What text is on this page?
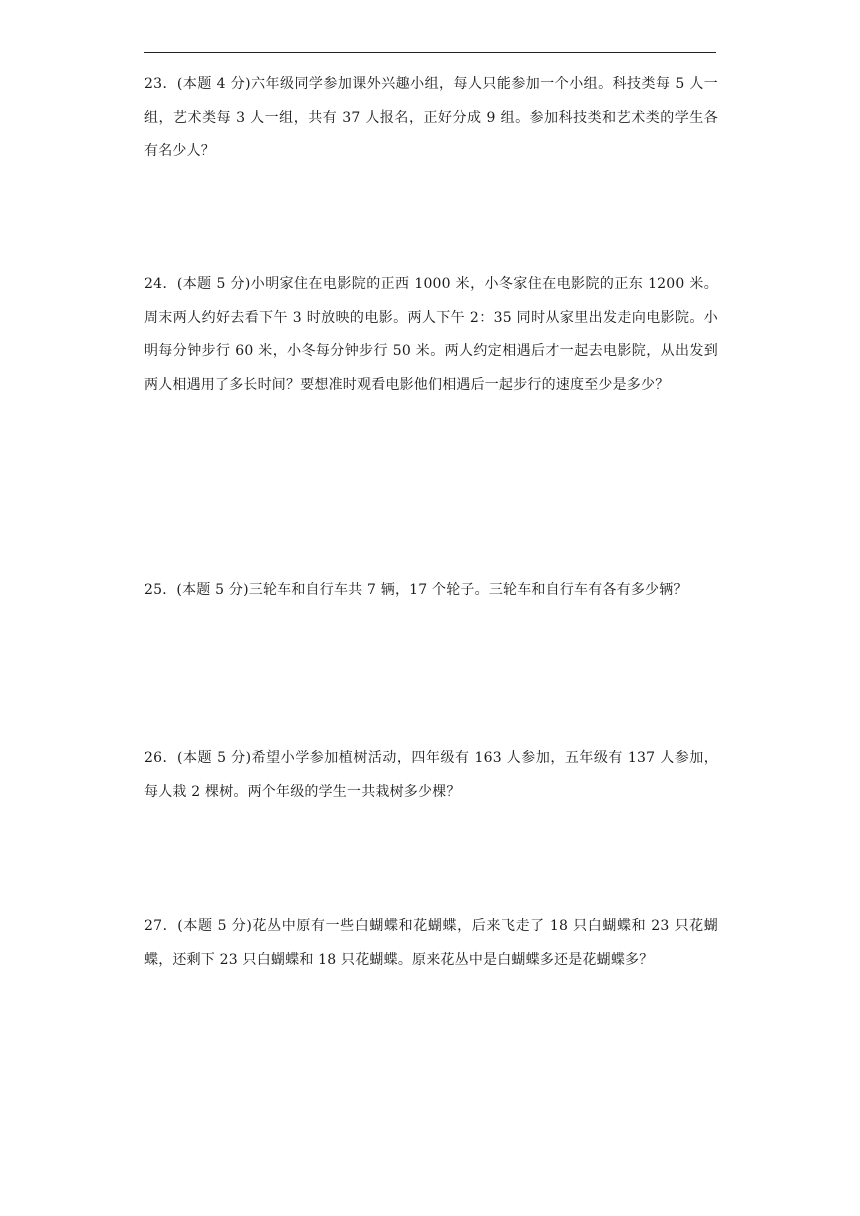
23．(本题 4 分)六年级同学参加课外兴趣小组，每人只能参加一个小组。科技类每 5 人一组，艺术类每 3 人一组，共有 37 人报名，正好分成 9 组。参加科技类和艺术类的学生各有名少人？

24．(本题 5 分)小明家住在电影院的正西 1000 米，小冬家住在电影院的正东 1200 米。周末两人约好去看下午 3 时放映的电影。两人下午 2：35 同时从家里出发走向电影院。小明每分钟步行 60 米，小冬每分钟步行 50 米。两人约定相遇后才一起去电影院，从出发到两人相遇用了多长时间？要想准时观看电影他们相遇后一起步行的速度至少是多少？

25．(本题 5 分)三轮车和自行车共 7 辆，17 个轮子。三轮车和自行车有各有多少辆？

26．(本题 5 分)希望小学参加植树活动，四年级有 163 人参加，五年级有 137 人参加，每人栽 2 棵树。两个年级的学生一共栽树多少棵？

27．(本题 5 分)花丛中原有一些白蝴蝶和花蝴蝶，后来飞走了 18 只白蝴蝶和 23 只花蝴蝶，还剩下 23 只白蝴蝶和 18 只花蝴蝶。原来花丛中是白蝴蝶多还是花蝴蝶多？
